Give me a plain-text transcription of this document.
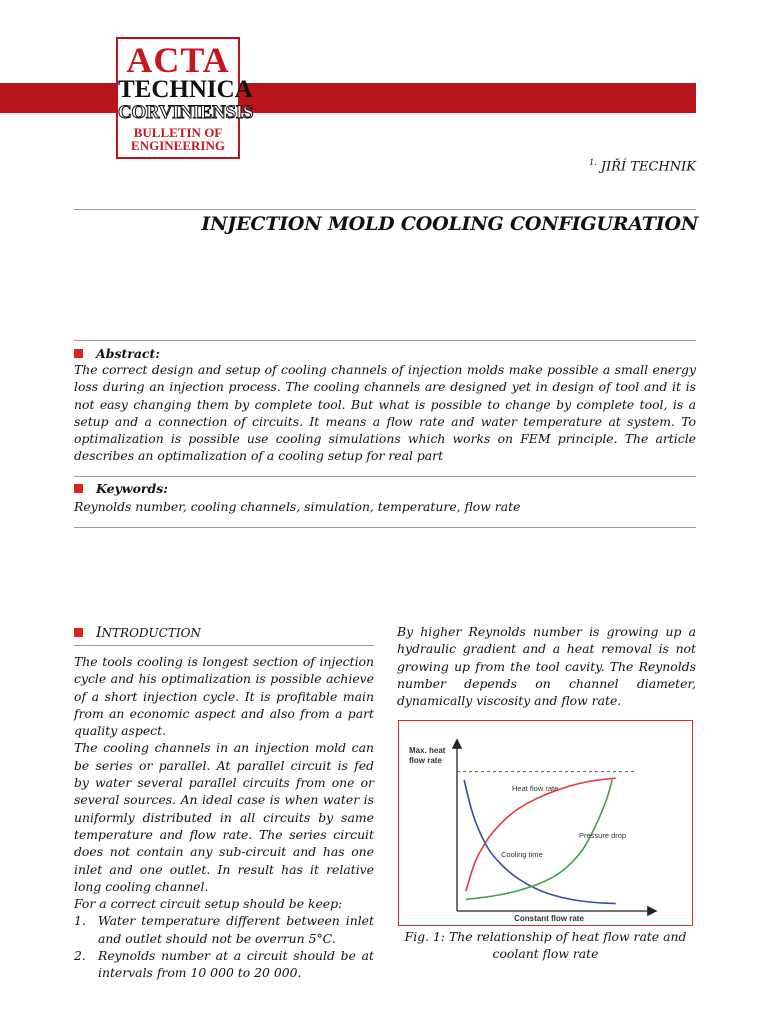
ACTA
TECHNICA
CORVINIENSIS
BULLETIN OF
ENGINEERING
$^{1.}$ JIŘÍ TECHNIK
INJECTION MOLD COOLING CONFIGURATION
Abstract:
The correct design and setup of cooling channels of injection molds make possible a small energy loss during an injection process. The cooling channels are designed yet in design of tool and it is not easy changing them by complete tool. But what is possible to change by complete tool, is a setup and a connection of circuits. It means a flow rate and water temperature at system. To optimalization is possible use cooling simulations which works on FEM principle. The article describes an optimalization of a cooling setup for real part
Keywords:
Reynolds number, cooling channels, simulation, temperature, flow rate
INTRODUCTION

The tools cooling is longest section of injection cycle and his optimalization is possible achieve of a short injection cycle. It is profitable main from an economic aspect and also from a part quality aspect.

The cooling channels in an injection mold can be series or parallel. At parallel circuit is fed by water several parallel circuits from one or several sources. An ideal case is when water is uniformly distributed in all circuits by same temperature and flow rate. The series circuit does not contain any sub-circuit and has one inlet and one outlet. In result has it relative long cooling channel.

For a correct circuit setup should be keep:

1. Water temperature different between inlet and outlet should not be overrun 5°C.
2. Reynolds number at a circuit should be at intervals from 10 000 to 20 000.
By higher Reynolds number is growing up a hydraulic gradient and a heat removal is not growing up from the tool cavity. The Reynolds number depends on channel diameter, dynamically viscosity and flow rate.
Max. heat
flow rate
Constant flow rate
Heat flow rate
Cooling time
Pressure drop
Fig. 1: The relationship of heat flow rate and coolant flow rate
